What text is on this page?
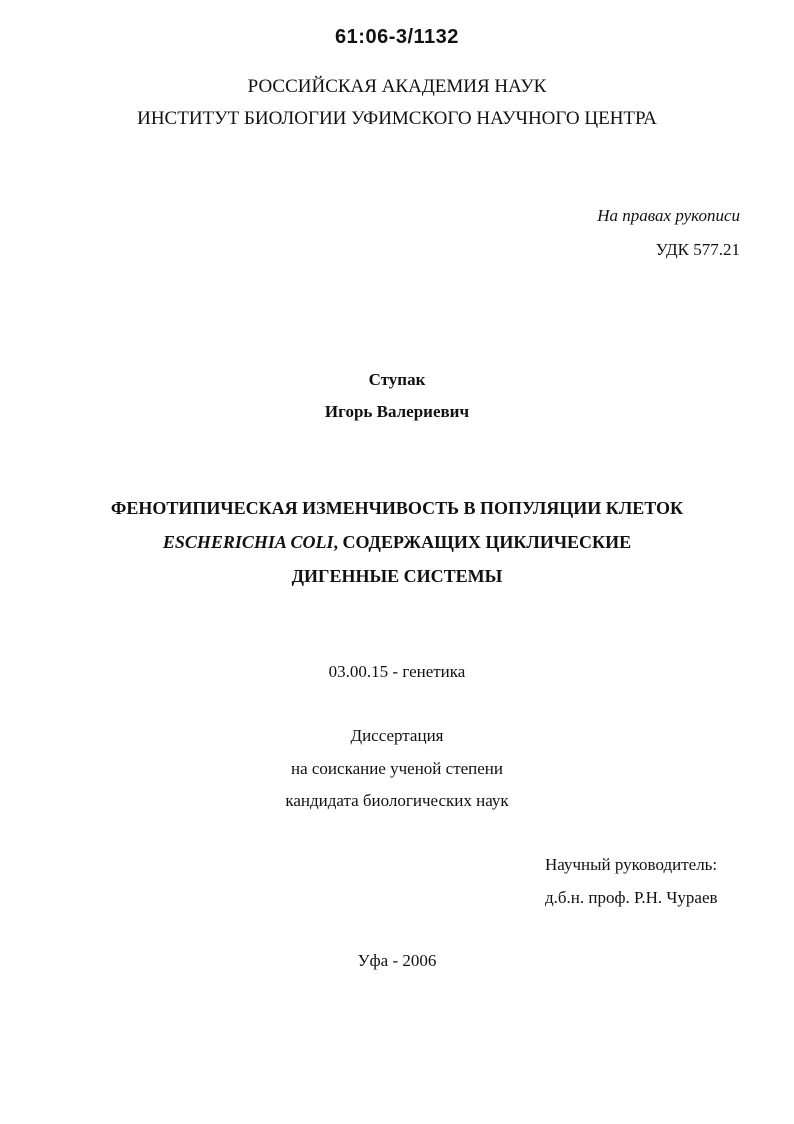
61:06-3/1132
РОССИЙСКАЯ АКАДЕМИЯ НАУК
ИНСТИТУТ БИОЛОГИИ УФИМСКОГО НАУЧНОГО ЦЕНТРА
На правах рукописи
УДК 577.21
Ступак
Игорь Валериевич
ФЕНОТИПИЧЕСКАЯ ИЗМЕНЧИВОСТЬ В ПОПУЛЯЦИИ КЛЕТОК
ESCHERICHIA COLI, СОДЕРЖАЩИХ ЦИКЛИЧЕСКИЕ
ДИГЕННЫЕ СИСТЕМЫ
03.00.15 - генетика
Диссертация
на соискание ученой степени
кандидата биологических наук
Научный руководитель:
д.б.н. проф. Р.Н. Чураев
Уфа - 2006
